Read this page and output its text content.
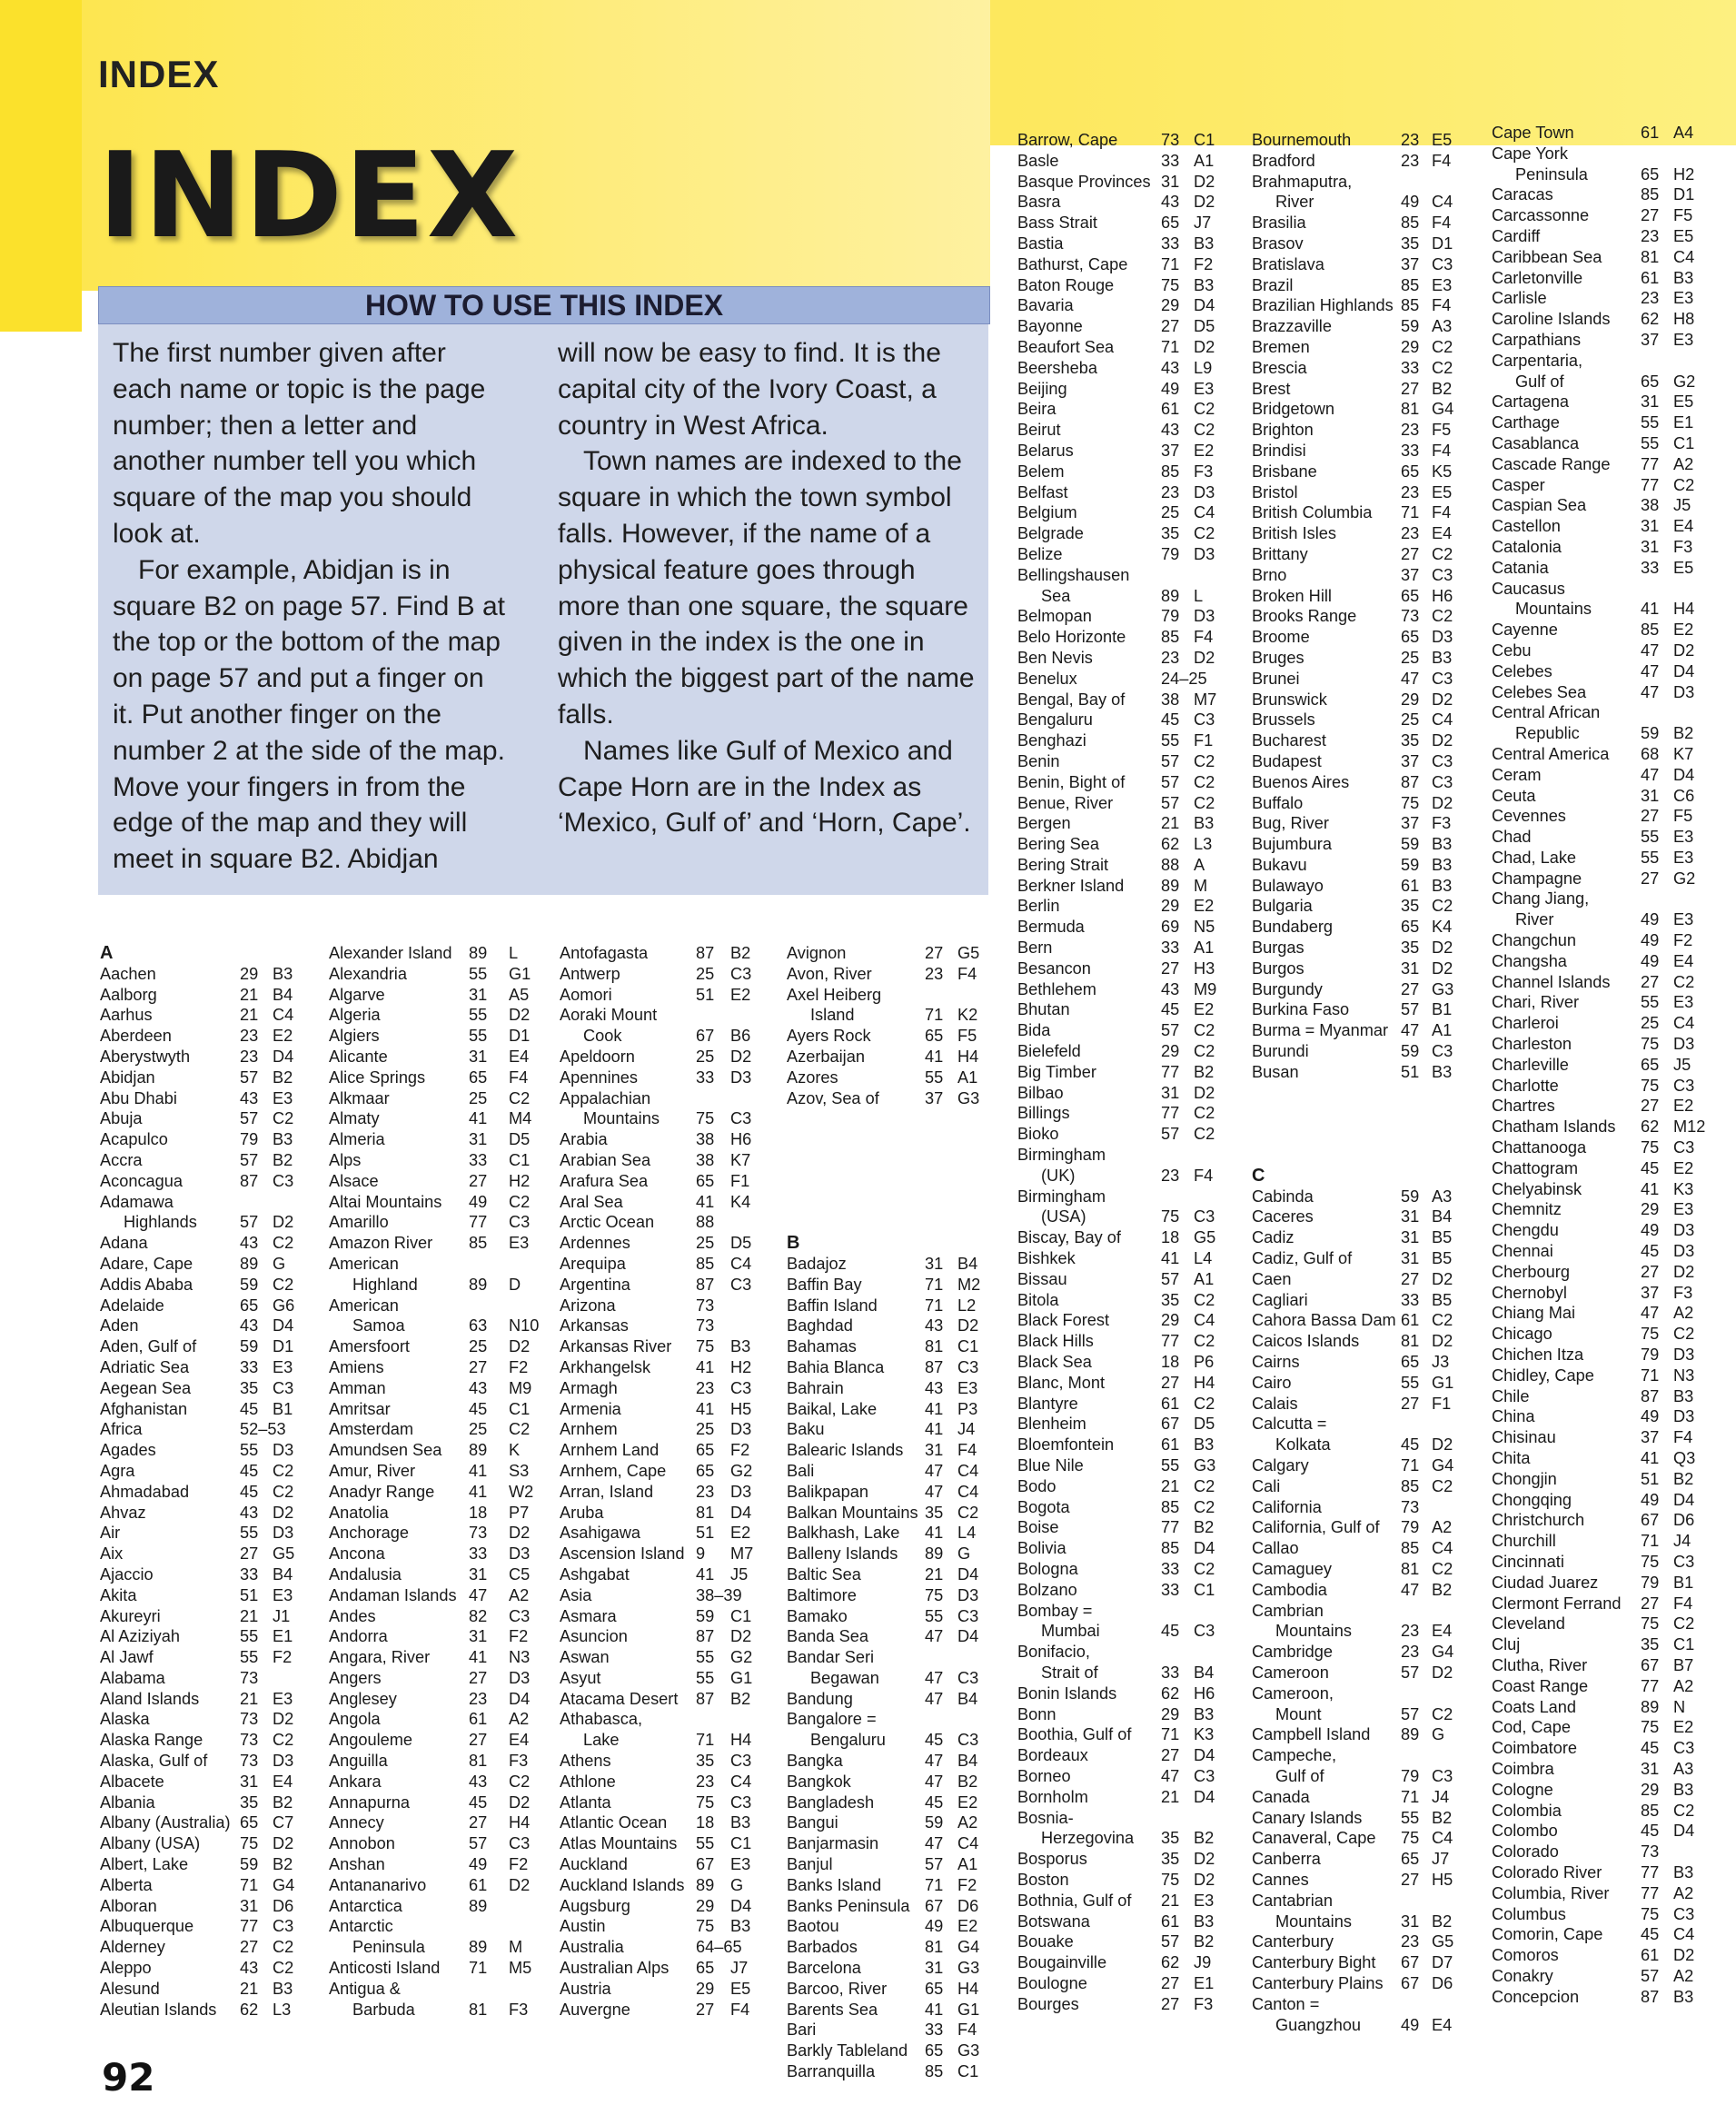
INDEX
INDEX
HOW TO USE THIS INDEX

The first number given after each name or topic is the page number; then a letter and another number tell you which square of the map you should look at.

For example, Abidjan is in square B2 on page 57. Find B at the top or the bottom of the map on page 57 and put a finger on it. Put another finger on the number 2 at the side of the map. Move your fingers in from the edge of the map and they will meet in square B2. Abidjan

will now be easy to find. It is the capital city of the Ivory Coast, a country in West Africa.

Town names are indexed to the square in which the town symbol falls. However, if the name of a physical feature goes through more than one square, the square given in the index is the one in which the biggest part of the name falls.

Names like Gulf of Mexico and Cape Horn are in the Index as ‘Mexico, Gulf of’ and ‘Horn, Cape’.

A
Aachen	29 B3
Aalborg	21 B4
Aarhus	21 C4
Aberdeen	23 E2
Aberystwyth	23 D4
Abidjan	57 B2
Abu Dhabi	43 E3
Abuja	57 C2
Acapulco	79 B3
Accra	57 B2
Aconcagua	87 C3
Adamawa
Highlands	57 D2
Adana	43 C2
Adare, Cape	89 G
Addis Ababa	59 C2
Adelaide	65 G6
Aden	43 D4
Aden, Gulf of	59 D1
Adriatic Sea	33 E3
Aegean Sea	35 C3
Afghanistan	45 B1
Africa	52–53
Agades	55 D3
Agra	45 C2
Ahmadabad	45 C2
Ahvaz	43 D2
Air	55 D3
Aix	27 G5
Ajaccio	33 B4
Akita	51 E3
Akureyri	21 J1
Al Aziziyah	55 E1
Al Jawf	55 F2
Alabama	73
Aland Islands 21 E3
Alaska	73 D2
Alaska Range 73 C2
Alaska, Gulf of 73 D3
Albacete	31 E4
Albania	35 B2
Albany (Australia) 65 C7
Albany (USA) 75 D2
Albert, Lake	59 B2
Alberta	71 G4
Alboran	31 D6
Albuquerque	77 C3
Alderney	27 C2
Aleppo	43 C2
Alesund	21 B3
Aleutian Islands 62 L3
Alexander Island 89 L
Alexandria	55 G1
Algarve	31 A5
Algeria	55 D2
Algiers	55 D1
Alicante	31 E4
Alice Springs	65 F4
Alkmaar	25 C2
Almaty	41 M4
Almeria	31 D5
Alps	33 C1
Alsace	27 H2
Altai Mountains 49 C2
Amarillo	77 C3
Amazon River 85 E3
American
Highland	89 D
American
Samoa	63 N10
Amersfoort	25 D2
Amiens	27 F2
Amman	43 M9
Amritsar	45 C1
Amsterdam	25 C2
Amundsen Sea 89 K
Amur, River	41 S3
Anadyr Range 41 W2
Anatolia	18 P7
Anchorage	73 D2
Ancona	33 D3
Andalusia	31 C5
Andaman Islands 47 A2
Andes	82 C3
Andorra	31 F2
Angara, River 41 N3
Angers	27 D3
Anglesey	23 D4
Angola	61 A2
Angouleme	27 E4
Anguilla	81 F3
Ankara	43 C2
Annapurna	45 D2
Annecy	27 H4
Annobon	57 C3
Anshan	49 F2
Antananarivo	61 D2
Antarctica	89
Antarctic
Peninsula	89 M
Anticosti Island 71 M5
Antigua &
Barbuda	81 F3
Antofagasta	87 B2
Antwerp	25 C3
Aomori	51 E2
Aoraki Mount
Cook	67 B6
Apeldoorn	25 D2
Apennines	33 D3
Appalachian
Mountains 75 C3
Arabia	38 H6
Arabian Sea	38 K7
Arafura Sea	65 F1
Aral Sea	41 K4
Arctic Ocean	88
Ardennes	25 D5
Arequipa	85 C4
Argentina	87 C3
Arizona	73
Arkansas	73
Arkansas River 75 B3
Arkhangelsk	41 H2
Armagh	23 C3
Armenia	41 H5
Arnhem	25 D3
Arnhem Land 65 F2
Arnhem, Cape 65 G2
Arran, Island	23 D3
Aruba	81 D4
Asahigawa	51 E2
Ascension Island 9 M7
Ashgabat	41 J5
Asia	38–39
Asmara	59 C1
Asuncion	87 D2
Aswan	55 G2
Asyut	55 G1
Atacama Desert 87 B2
Athabasca,
Lake	71 H4
Athens	35 C3
Athlone	23 C4
Atlanta	75 C3
Atlantic Ocean 18 B3
Atlas Mountains 55 C1
Auckland	67 E3
Auckland Islands 89 G
Augsburg	29 D4
Austin	75 B3
Australia	64–65
Australian Alps 65 J7
Austria	29 E5
Auvergne	27 F4
Avignon	27 G5
Avon, River	23 F4
Axel Heiberg
Island	71 K2
Ayers Rock	65 F5
Azerbaijan	41 H4
Azores	55 A1
Azov, Sea of	37 G3
B
Badajoz	31 B4
Baffin Bay	71 M2
Baffin Island	71 L2
Baghdad	43 D2
Bahamas	81 C1
Bahia Blanca 87 C3
Bahrain	43 E3
Baikal, Lake	41 P3
Baku	41 J4
Balearic Islands 31 F4
Bali	47 C4
Balikpapan	47 C4
Balkan Mountains 35 C2
Balkhash, Lake 41 L4
Balleny Islands 89 G
Baltic Sea	21 D4
Baltimore	75 D3
Bamako	55 C3
Banda Sea	47 D4
Bandar Seri
Begawan	47 C3
Bandung	47 B4
Bangalore =
Bengaluru 45 C3
Bangka	47 B4
Bangkok	47 B2
Bangladesh	45 E2
Bangui	59 A2
Banjarmasin	47 C4
Banjul	57 A1
Banks Island	71 F2
Banks Peninsula 67 D6
Baotou	49 E2
Barbados	81 G4
Barcelona	31 G3
Barcoo, River 65 H4
Barents Sea	41 G1
Bari	33 F4
Barkly Tableland 65 G3
Barranquilla	85 C1
Barrow, Cape	73 C1
Basle	33 A1
Basque Provinces 31 D2
Basra	43 D2
Bass Strait	65 J7
Bastia	33 B3
Bathurst, Cape 71 F2
Baton Rouge	75 B3
Bavaria	29 D4
Bayonne	27 D5
Beaufort Sea	71 D2
Beersheba	43 L9
Beijing	49 E3
Beira	61 C2
Beirut	43 C2
Belarus	37 E2
Belem	85 F3
Belfast	23 D3
Belgium	25 C4
Belgrade	35 C2
Belize	79 D3
Bellingshausen
Sea	89 L
Belmopan	79 D3
Belo Horizonte 85 F4
Ben Nevis	23 D2
Benelux	24–25
Bengal, Bay of 38 M7
Bengaluru	45 C3
Benghazi	55 F1
Benin	57 C2
Benin, Bight of 57 C2
Benue, River	57 C2
Bergen	21 B3
Bering Sea	62 L3
Bering Strait	88 A
Berkner Island 89 M
Berlin	29 E2
Bermuda	69 N5
Bern	33 A1
Besancon	27 H3
Bethlehem	43 M9
Bhutan	45 E2
Bida	57 C2
Bielefeld	29 C2
Big Timber	77 B2
Bilbao	31 D2
Billings	77 C2
Bioko	57 C2
Birmingham
(UK)	23 F4
Birmingham
(USA)	75 C3
Biscay, Bay of 18 G5
Bishkek	41 L4
Bissau	57 A1
Bitola	35 C2
Black Forest	29 C4
Black Hills	77 C2
Black Sea	18 P6
Blanc, Mont	27 H4
Blantyre	61 C2
Blenheim	67 D5
Bloemfontein	61 B3
Blue Nile	55 G3
Bodo	21 C2
Bogota	85 C2
Boise	77 B2
Bolivia	85 D4
Bologna	33 C2
Bolzano	33 C1
Bombay =
Mumbai	45 C3
Bonifacio,
Strait of	33 B4
Bonin Islands	62 H6
Bonn	29 B3
Boothia, Gulf of 71 K3
Bordeaux	27 D4
Borneo	47 C3
Bornholm	21 D4
Bosnia-
Herzegovina 35 B2
Bosporus	35 D2
Boston	75 D2
Bothnia, Gulf of 21 E3
Botswana	61 B3
Bouake	57 B2
Bougainville	62 J9
Boulogne	27 E1
Bourges	27 F3
Bournemouth	23 E5
Bradford	23 F4
Brahmaputra,
River	49 C4
Brasilia	85 F4
Brasov	35 D1
Bratislava	37 C3
Brazil	85 E3
Brazilian Highlands 85 F4
Brazzaville	59 A3
Bremen	29 C2
Brescia	33 C2
Brest	27 B2
Bridgetown	81 G4
Brighton	23 F5
Brindisi	33 F4
Brisbane	65 K5
Bristol	23 E5
British Columbia 71 F4
British Isles	23 E4
Brittany	27 C2
Brno	37 C3
Broken Hill	65 H6
Brooks Range	73 C2
Broome	65 D3
Bruges	25 B3
Brunei	47 C3
Brunswick	29 D2
Brussels	25 C4
Bucharest	35 D2
Budapest	37 C3
Buenos Aires	87 C3
Buffalo	75 D2
Bug, River	37 F3
Bujumbura	59 B3
Bukavu	59 B3
Bulawayo	61 B3
Bulgaria	35 C2
Bundaberg	65 K4
Burgas	35 D2
Burgos	31 D2
Burgundy	27 G3
Burkina Faso	57 B1
Burma = Myanmar 47 A1
Burundi	59 C3
Busan	51 B3
C
Cabinda	59 A3
Caceres	31 B4
Cadiz	31 B5
Cadiz, Gulf of	31 B5
Caen	27 D2
Cagliari	33 B5
Cahora Bassa Dam 61 C2
Caicos Islands	81 D2
Cairns	65 J3
Cairo	55 G1
Calais	27 F1
Calcutta =
Kolkata	45 D2
Calgary	71 G4
Cali	85 C2
California	73
California, Gulf of 79 A2
Callao	85 C4
Camaguey	81 C2
Cambodia	47 B2
Cambrian
Mountains	23 E4
Cambridge	23 G4
Cameroon	57 D2
Cameroon,
Mount	57 C2
Campbell Island 89 G
Campeche,
Gulf of	79 C3
Canada	71 J4
Canary Islands 55 B2
Canaveral, Cape 75 C4
Canberra	65 J7
Cannes	27 H5
Cantabrian
Mountains	31 B2
Canterbury	23 G5
Canterbury Bight 67 D7
Canterbury Plains 67 D6
Canton =
Guangzhou 49 E4
Cape Town	61 A4
Cape York
Peninsula	65 H2
Caracas	85 D1
Carcassonne	27 F5
Cardiff	23 E5
Caribbean Sea 81 C4
Carletonville	61 B3
Carlisle	23 E3
Caroline Islands 62 H8
Carpathians	37 E3
Carpentaria,
Gulf of	65 G2
Cartagena	31 E5
Carthage	55 E1
Casablanca	55 C1
Cascade Range 77 A2
Casper	77 C2
Caspian Sea	38 J5
Castellon	31 E4
Catalonia	31 F3
Catania	33 E5
Caucasus
Mountains	41 H4
Cayenne	85 E2
Cebu	47 D2
Celebes	47 D4
Celebes Sea	47 D3
Central African
Republic	59 B2
Central America 68 K7
Ceram	47 D4
Ceuta	31 C6
Cevennes	27 F5
Chad	55 E3
Chad, Lake	55 E3
Champagne	27 G2
Chang Jiang,
River	49 E3
Changchun	49 F2
Changsha	49 E4
Channel Islands 27 C2
Chari, River	55 E3
Charleroi	25 C4
Charleston	75 D3
Charleville	65 J5
Charlotte	75 C3
Chartres	27 E2
Chatham Islands 62 M12
Chattanooga	75 C3
Chattogram	45 E2
Chelyabinsk	41 K3
Chemnitz	29 E3
Chengdu	49 D3
Chennai	45 D3
Cherbourg	27 D2
Chernobyl	37 F3
Chiang Mai	47 A2
Chicago	75 C2
Chichen Itza	79 D3
Chidley, Cape	71 N3
Chile	87 B3
China	49 D3
Chisinau	37 F4
Chita	41 Q3
Chongjin	51 B2
Chongqing	49 D4
Christchurch	67 D6
Churchill	71 J4
Cincinnati	75 C3
Ciudad Juarez	79 B1
Clermont Ferrand 27 F4
Cleveland	75 C2
Cluj	35 C1
Clutha, River	67 B7
Coast Range	77 A2
Coats Land	89 N
Cod, Cape	75 E2
Coimbatore	45 C3
Coimbra	31 A3
Cologne	29 B3
Colombia	85 C2
Colombo	45 D4
Colorado	73
Colorado River 77 B3
Columbia, River 77 A2
Columbus	75 C3
Comorin, Cape 45 C4
Comoros	61 D2
Conakry	57 A2
Concepcion	87 B3
92
